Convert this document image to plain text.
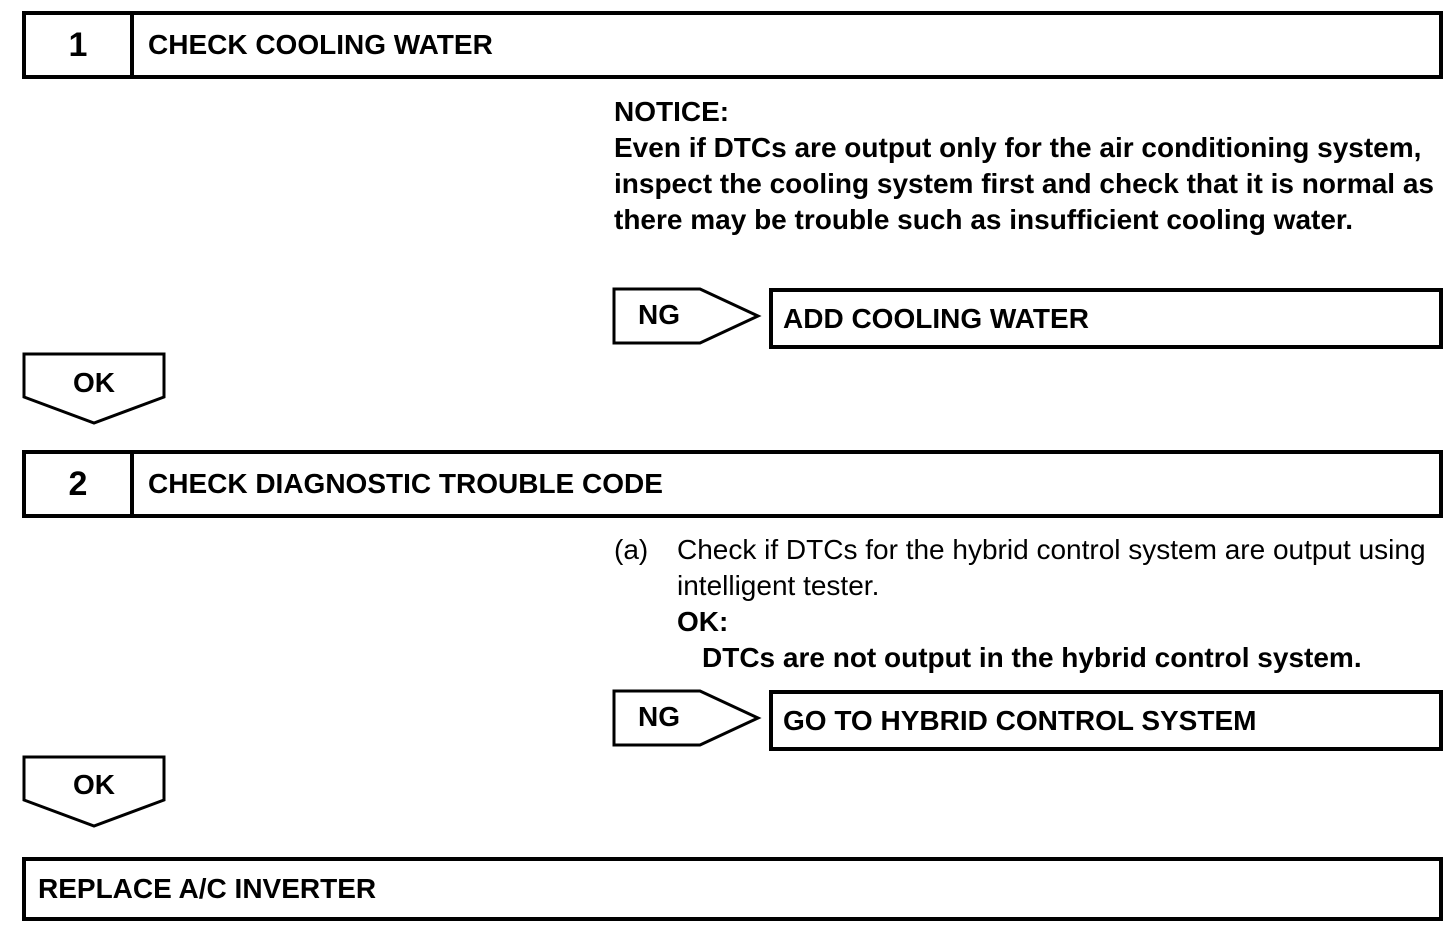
1	CHECK COOLING WATER
NOTICE:
Even if DTCs are output only for the air conditioning system, inspect the cooling system first and check that it is normal as there may be trouble such as insufficient cooling water.
NG	ADD COOLING WATER
OK
2	CHECK DIAGNOSTIC TROUBLE CODE
(a) Check if DTCs for the hybrid control system are output using intelligent tester.
OK:
DTCs are not output in the hybrid control system.
NG	GO TO HYBRID CONTROL SYSTEM
OK
REPLACE A/C INVERTER
